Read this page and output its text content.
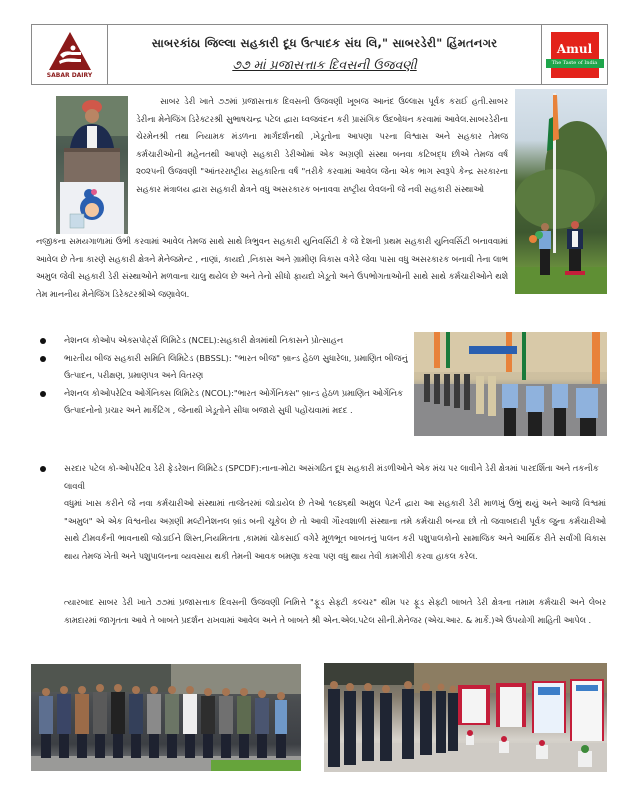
SABAR DAIRY
સાબરકાંઠા જિલ્લા સહકારી દૂધ ઉત્પાદક સંઘ લિ," સાબરડેરી" હિંમતનગર
૭૭ માં પ્રજાસત્તાક દિવસની ઉજવણી
Amul
The Taste of India

સાબર ડેરી ખાતે ૭૭માં પ્રજાસત્તાક દિવસની ઉજવણી ખૂબજ આનંદ ઉલ્લાસ પૂર્વક કરાઈ હતી.સાબર ડેરીના મેનેજિંગ ડિરેક્ટરશ્રી સુભાષચન્દ્ર પટેલ દ્વારા ધ્વજવંદન કરી પ્રાસંગિક ઉદબોધન કરવામાં આવેલ.સાબરડેરીના ચેરમેનશ્રી તથા નિયામક મંડળના માર્ગદર્શનથી ,ખેડૂતોના આપણા પરના વિશ્વાસ અને સહકાર તેમજ કર્મચારીઓની મહેનતથી આપણે સહકારી ડેરીઓમાં એક અગ્રણી સંસ્થા બનવા કટિબદ્ધ છીએ તેમજ વર્ષ ૨૦૨૫ની ઉજવણી "આંતરરાષ્ટ્રીય સહકારિતા વર્ષ "તરીકે કરવામાં આવેલ જેના એક ભાગ સ્વરૂપે કેન્દ્ર સરકારના સહકાર મંત્રાલય દ્વારા સહકારી ક્ષેત્રને વધુ અસરકારક બનાવવા રાષ્ટ્રીય લેવલની જે નવી સહકારી સંસ્થાઓ

નજીકના સમયગાળામાં ઉભી કરવામાં આવેલ તેમજ સાથે સાથે ત્રિભુવન સહકારી યુનિવર્સિટી કે જે દેશની પ્રથમ સહકારી યુનિવર્સિટી બનાવવામાં આવેલ છે તેના કારણે સહકારી ક્ષેત્રને મેનેજમેન્ટ , નાણાં, કાયદો ,નિકાસ અને ગ્રામીણ વિકાસ વગેરે જેવા પાસા વધુ અસરકારક બનાવી તેના લાભ અમુલ જેવી સહકારી ડેરી સંસ્થાઓને મળવાના ચાલુ થયેલ છે અને તેનો સીધો ફાયદો ખેડૂતો અને ઉપભોગતાઓની સાથે સાથે કર્મચારીઓને થશે તેમ માનનીય મેનેજિંગ ડિરેક્ટરશ્રીએ જણાવેલ.

નેશનલ કોઓપ એક્સપોર્ટ્સ લિમિટેડ (NCEL):સહકારી ક્ષેત્રમાંથી નિકાસને પ્રોત્સાહન
ભારતીય બીજ સહકારી સમિતિ લિમિટેડ (BBSSL): "ભારત બીજ" બ્રાન્ડ હેઠળ સુધારેલા, પ્રમાણિત બીજનું ઉત્પાદન, પરીક્ષણ, પ્રમાણપત્ર અને વિતરણ
નેશનલ કોઓપરેટિવ ઓર્ગેનિક્સ લિમિટેડ (NCOL):"ભારત ઓર્ગેનિક્સ" બ્રાન્ડ હેઠળ પ્રમાણિત ઓર્ગેનિક ઉત્પાદનોનો પ્રચાર અને માર્કેટિંગ , જેનાથી ખેડૂતોને સીધા બજારો સુધી પહોંચવામાં મદદ .
સરદાર પટેલ કો-ઓપરેટિવ ડેરી ફેડરેશન લિમિટેડ (SPCDF):નાના-મોટા અસંગઠિત દૂધ સહકારી મંડળીઓને એક મંચ પર લાવીને ડેરી ક્ષેત્રમાં પારદર્શિતા અને તકનીક લાવવી

વધુમાં ખાસ કરીને જે નવા કર્મચારીઓ સંસ્થામાં તાજેતરમાં જોડાયેલ છે તેઓ ૧૯૪૬થી અમુલ પેટર્ન દ્વારા આ સહકારી ડેરી માળખું ઉભું થયું અને આજે વિશ્વમાં "અમુલ" એ એક વિશ્વનીય અગ્રણી મલ્ટીનેશનલ બ્રાંડ બની ચૂકેલ છે તો આવી ગૌરવશાળી સંસ્થાના તમે કર્મચારી બન્યા છો તો જવાબદારી પૂર્વક જુના કર્મચારીઓ સાથે ટીમવર્કની ભાવનાથી જોડાઈને શિસ્ત,નિયમિતતા ,કામમાં ચોકસાઈ વગેરે મૂળભૂત બાબતનું પાલન કરી પશુપાલકોનો સામાજિક અને આર્થિક રીતે સર્વાંગી વિકાસ થાય તેમજ ખેતી અને પશુપાલનના વ્યવસાય થકી તેમની આવક બમણા કરવા પણ વધુ થાય તેવી કામગીરી કરવા હાકલ કરેલ.

ત્યારબાદ સાબર ડેરી ખાતે ૭૭માં પ્રજાસત્તાક દિવસની ઉજવણી નિમિત્તે "ફૂડ સેફ્ટી કલ્ચર" થીમ પર ફૂડ સેફ્ટી બાબતે ડેરી ક્ષેત્રના તમામ કર્મચારી અને લેબર કામદારમાં જાગૃતતા આવે તે બાબતે પ્રદર્શન રાખવામાં આવેલ અને તે બાબતે શ્રી એન.એલ.પટેલ સીની.મેનેજર (એચ.આર. & માર્કે.)એ ઉપયોગી માહિતી આપેલ .
